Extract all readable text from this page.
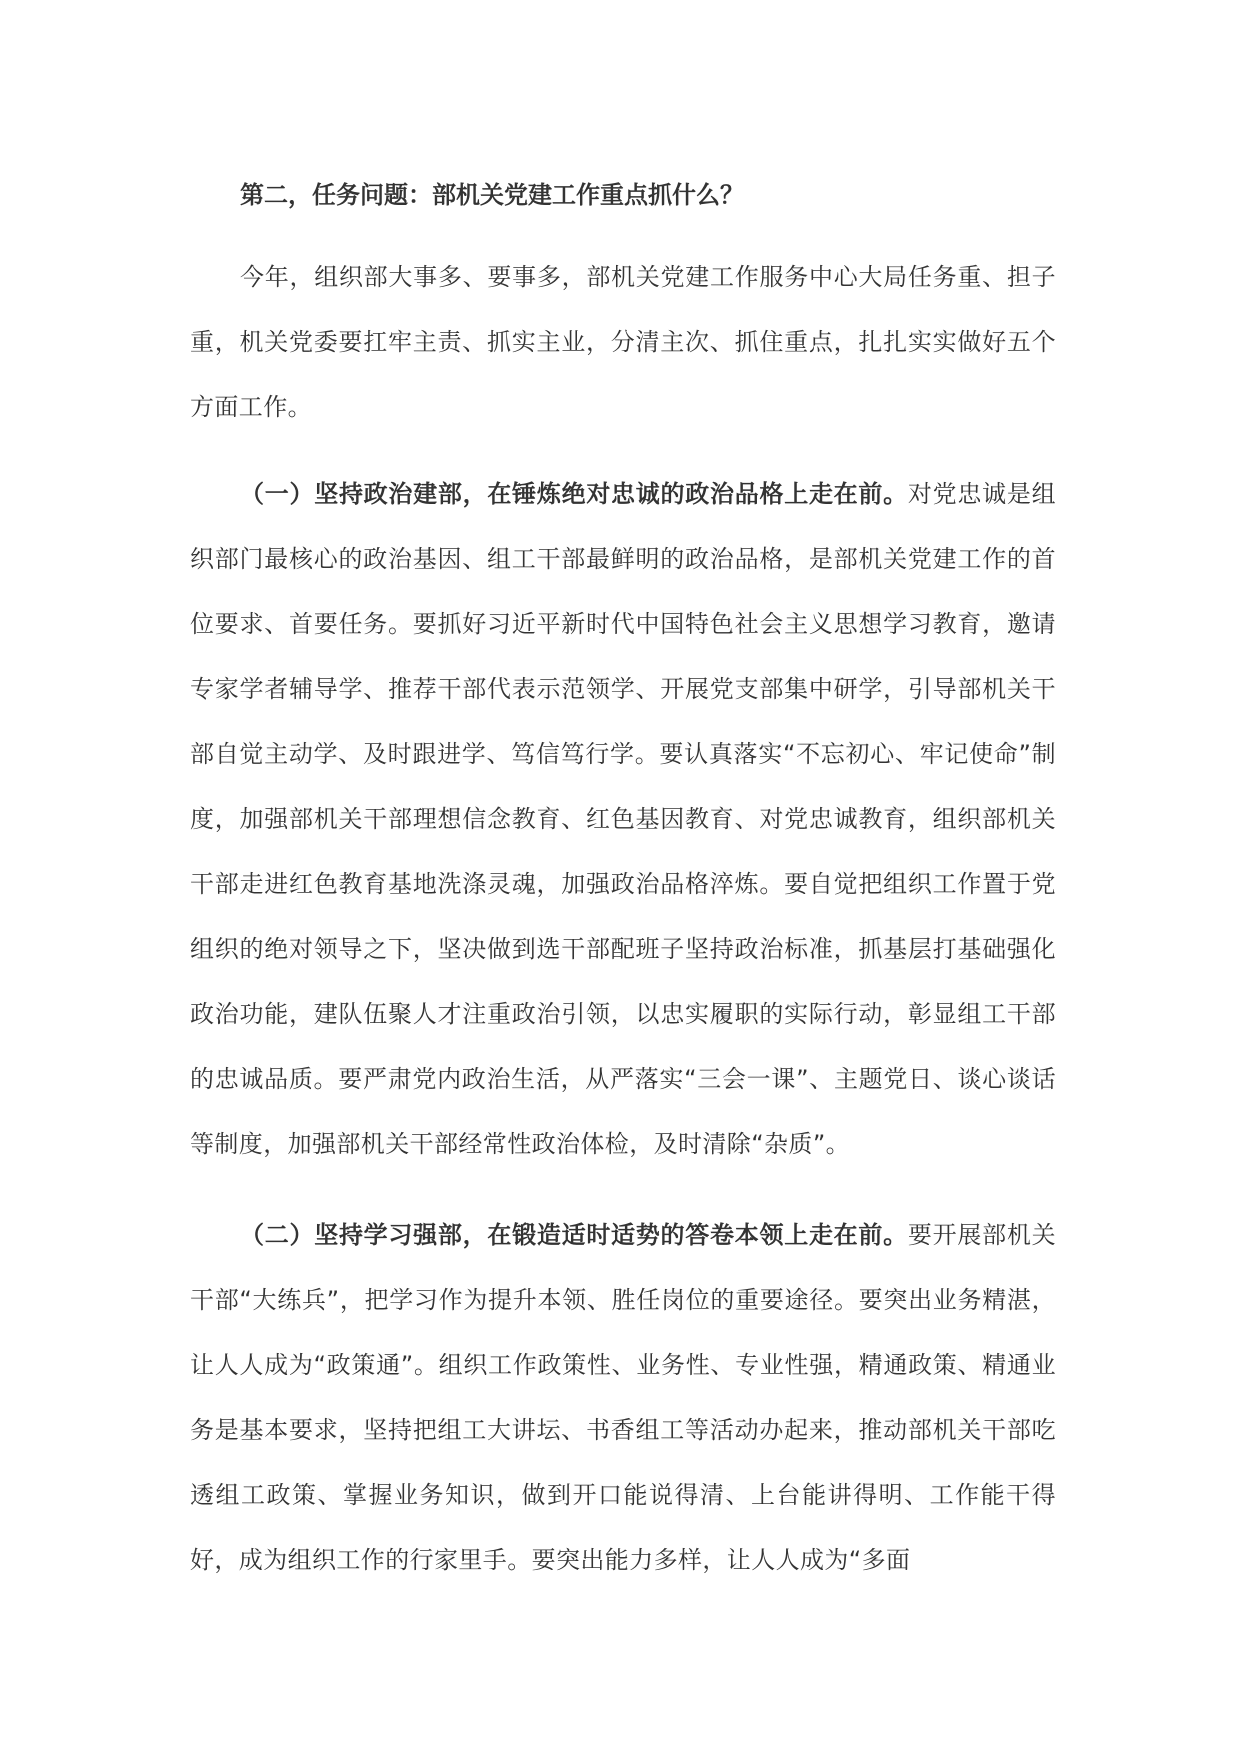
第二，任务问题：部机关党建工作重点抓什么？

今年，组织部大事多、要事多，部机关党建工作服务中心大局任务重、担子重，机关党委要扛牢主责、抓实主业，分清主次、抓住重点，扎扎实实做好五个方面工作。

（一）坚持政治建部，在锤炼绝对忠诚的政治品格上走在前。对党忠诚是组织部门最核心的政治基因、组工干部最鲜明的政治品格，是部机关党建工作的首位要求、首要任务。要抓好习近平新时代中国特色社会主义思想学习教育，邀请专家学者辅导学、推荐干部代表示范领学、开展党支部集中研学，引导部机关干部自觉主动学、及时跟进学、笃信笃行学。要认真落实“不忘初心、牢记使命”制度，加强部机关干部理想信念教育、红色基因教育、对党忠诚教育，组织部机关干部走进红色教育基地洗涤灵魂，加强政治品格淬炼。要自觉把组织工作置于党组织的绝对领导之下，坚决做到选干部配班子坚持政治标准，抓基层打基础强化政治功能，建队伍聚人才注重政治引领，以忠实履职的实际行动，彰显组工干部的忠诚品质。要严肃党内政治生活，从严落实“三会一课”、主题党日、谈心谈话等制度，加强部机关干部经常性政治体检，及时清除“杂质”。

（二）坚持学习强部，在锻造适时适势的答卷本领上走在前。要开展部机关干部“大练兵”，把学习作为提升本领、胜任岗位的重要途径。要突出业务精湛，让人人成为“政策通”。组织工作政策性、业务性、专业性强，精通政策、精通业务是基本要求，坚持把组工大讲坛、书香组工等活动办起来，推动部机关干部吃透组工政策、掌握业务知识，做到开口能说得清、上台能讲得明、工作能干得好，成为组织工作的行家里手。要突出能力多样，让人人成为“多面
